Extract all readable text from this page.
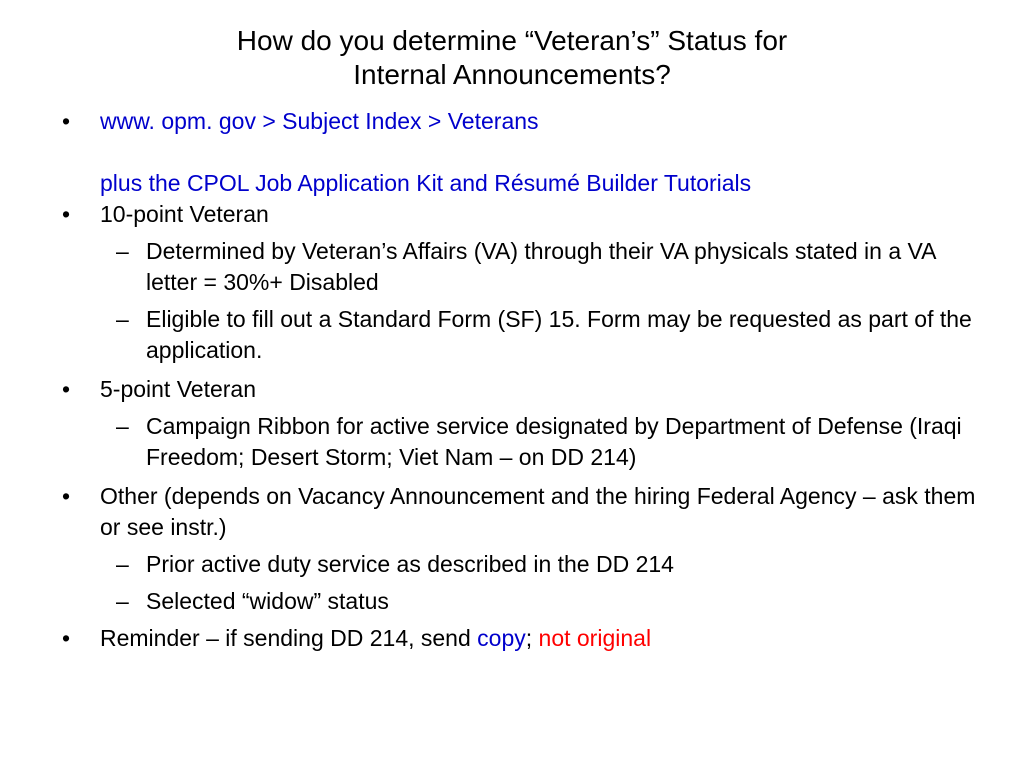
How do you determine “Veteran’s” Status for
Internal Announcements?
• www. opm. gov > Subject Index > Veterans
plus the CPOL Job Application Kit and Résumé Builder Tutorials
• 10-point Veteran
– Determined by Veteran’s Affairs (VA) through their VA physicals stated in a VA letter = 30%+ Disabled
– Eligible to fill out a Standard Form (SF) 15. Form may be requested as part of the application.
• 5-point Veteran
– Campaign Ribbon for active service designated by Department of Defense (Iraqi Freedom; Desert Storm; Viet Nam – on DD 214)
• Other (depends on Vacancy Announcement and the hiring Federal Agency – ask them or see instr.)
– Prior active duty service as described in the DD 214
– Selected “widow” status
• Reminder – if sending DD 214, send copy; not original
